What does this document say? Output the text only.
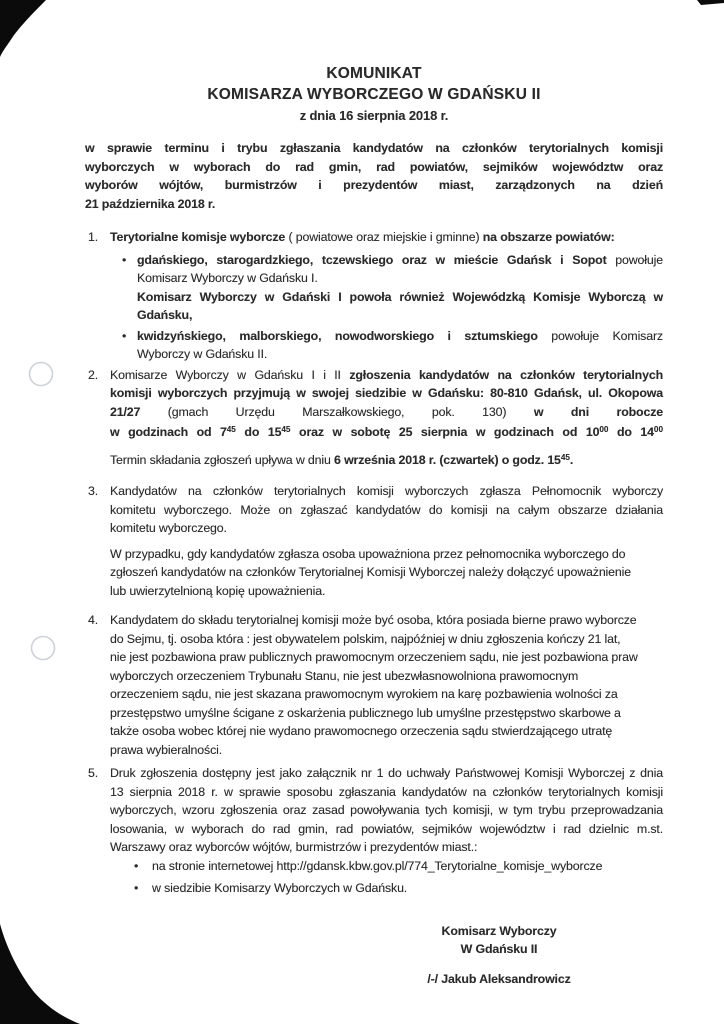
KOMUNIKAT
KOMISARZA WYBORCZEGO W GDAŃSKU II
z dnia 16 sierpnia 2018 r.
w sprawie terminu i trybu zgłaszania kandydatów na członków terytorialnych komisji
wyborczych w wyborach do rad gmin, rad powiatów, sejmików województw oraz
wyborów wójtów, burmistrzów i prezydentów miast, zarządzonych na dzień
21 października 2018 r.
1. Terytorialne komisje wyborcze ( powiatowe oraz miejskie i gminne) na obszarze powiatów:
• gdańskiego, starogardzkiego, tczewskiego oraz w mieście Gdańsk i Sopot powołuje
Komisarz Wyborczy w Gdańsku I.
Komisarz Wyborczy w Gdański I powoła również Wojewódzką Komisje Wyborczą w
Gdańsku,
• kwidzyńskiego, malborskiego, nowodworskiego i sztumskiego powołuje Komisarz
Wyborczy w Gdańsku II.
2. Komisarze Wyborczy w Gdańsku I i II zgłoszenia kandydatów na członków terytorialnych
komisji wyborczych przyjmują w swojej siedzibie w Gdańsku: 80-810 Gdańsk, ul. Okopowa
21/27 (gmach Urzędu Marszałkowskiego, pok. 130) w dni robocze
w godzinach od $7^{45}$ do $15^{45}$ oraz w sobotę 25 sierpnia w godzinach od $10^{00}$ do $14^{00}$
Termin składania zgłoszeń upływa w dniu 6 września 2018 r. (czwartek) o godz. $15^{45}$.
3. Kandydatów na członków terytorialnych komisji wyborczych zgłasza Pełnomocnik wyborczy
komitetu wyborczego. Może on zgłaszać kandydatów do komisji na całym obszarze działania
komitetu wyborczego.
W przypadku, gdy kandydatów zgłasza osoba upoważniona przez pełnomocnika wyborczego do
zgłoszeń kandydatów na członków Terytorialnej Komisji Wyborczej należy dołączyć upoważnienie
lub uwierzytelnioną kopię upoważnienia.
4. Kandydatem do składu terytorialnej komisji może być osoba, która posiada bierne prawo wyborcze
do Sejmu, tj. osoba która : jest obywatelem polskim, najpóźniej w dniu zgłoszenia kończy 21 lat,
nie jest pozbawiona praw publicznych prawomocnym orzeczeniem sądu, nie jest pozbawiona praw
wyborczych orzeczeniem Trybunału Stanu, nie jest ubezwłasnowolniona prawomocnym
orzeczeniem sądu, nie jest skazana prawomocnym wyrokiem na karę pozbawienia wolności za
przestępstwo umyślne ścigane z oskarżenia publicznego lub umyślne przestępstwo skarbowe a
także osoba wobec której nie wydano prawomocnego orzeczenia sądu stwierdzającego utratę
prawa wybieralności.
5. Druk zgłoszenia dostępny jest jako załącznik nr 1 do uchwały Państwowej Komisji Wyborczej z dnia
13 sierpnia 2018 r. w sprawie sposobu zgłaszania kandydatów na członków terytorialnych komisji
wyborczych, wzoru zgłoszenia oraz zasad powoływania tych komisji, w tym trybu przeprowadzania
losowania, w wyborach do rad gmin, rad powiatów, sejmików województw i rad dzielnic m.st.
Warszawy oraz wyborców wójtów, burmistrzów i prezydentów miast.:
•	na stronie internetowej http://gdansk.kbw.gov.pl/774_Terytorialne_komisje_wyborcze
•	w siedzibie Komisarzy Wyborczych w Gdańsku.
Komisarz Wyborczy
W Gdańsku II
/-/ Jakub Aleksandrowicz
